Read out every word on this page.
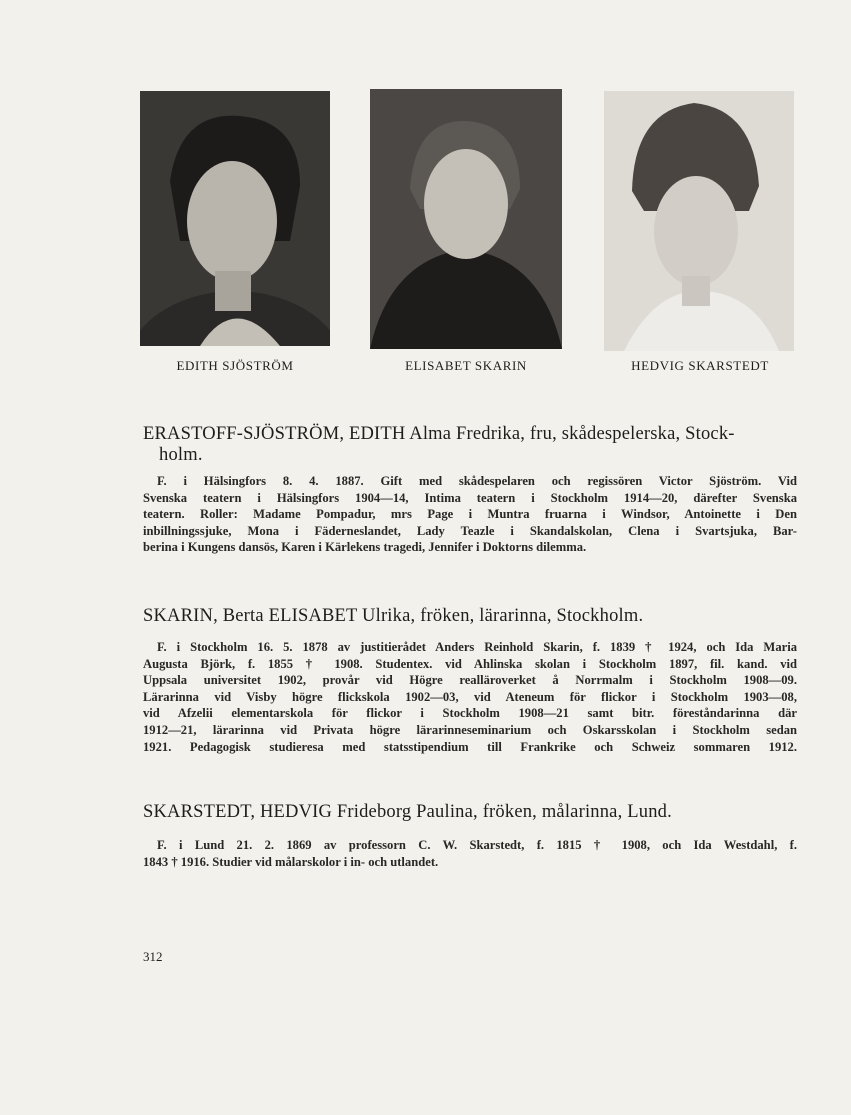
EDITH SJÖSTRÖM	ELISABET SKARIN	HEDVIG SKARSTEDT
ERASTOFF-SJÖSTRÖM, EDITH Alma Fredrika, fru, skådespelerska, Stock-
holm.
F. i Hälsingfors 8. 4. 1887. Gift med skådespelaren och regissören Victor Sjöström. Vid
Svenska teatern i Hälsingfors 1904—14, Intima teatern i Stockholm 1914—20, därefter Svenska
teatern. Roller: Madame Pompadur, mrs Page i Muntra fruarna i Windsor, Antoinette i Den
inbillningssjuke, Mona i Fäderneslandet, Lady Teazle i Skandalskolan, Clena i Svartsjuka, Bar-
berina i Kungens dansös, Karen i Kärlekens tragedi, Jennifer i Doktorns dilemma.
SKARIN, Berta ELISABET Ulrika, fröken, lärarinna, Stockholm.
F. i Stockholm 16. 5. 1878 av justitierådet Anders Reinhold Skarin, f. 1839 † 1924, och Ida Maria
Augusta Björk, f. 1855 † 1908. Studentex. vid Ahlinska skolan i Stockholm 1897, fil. kand. vid
Uppsala universitet 1902, provår vid Högre realläroverket å Norrmalm i Stockholm 1908—09.
Lärarinna vid Visby högre flickskola 1902—03, vid Ateneum för flickor i Stockholm 1903—08,
vid Afzelii elementarskola för flickor i Stockholm 1908—21 samt bitr. föreståndarinna där
1912—21, lärarinna vid Privata högre lärarinneseminarium och Oskarsskolan i Stockholm sedan
1921. Pedagogisk studieresa med statsstipendium till Frankrike och Schweiz sommaren 1912.
SKARSTEDT, HEDVIG Frideborg Paulina, fröken, målarinna, Lund.
F. i Lund 21. 2. 1869 av professorn C. W. Skarstedt, f. 1815 † 1908, och Ida Westdahl, f.
1843 † 1916. Studier vid målarskolor i in- och utlandet.
312
